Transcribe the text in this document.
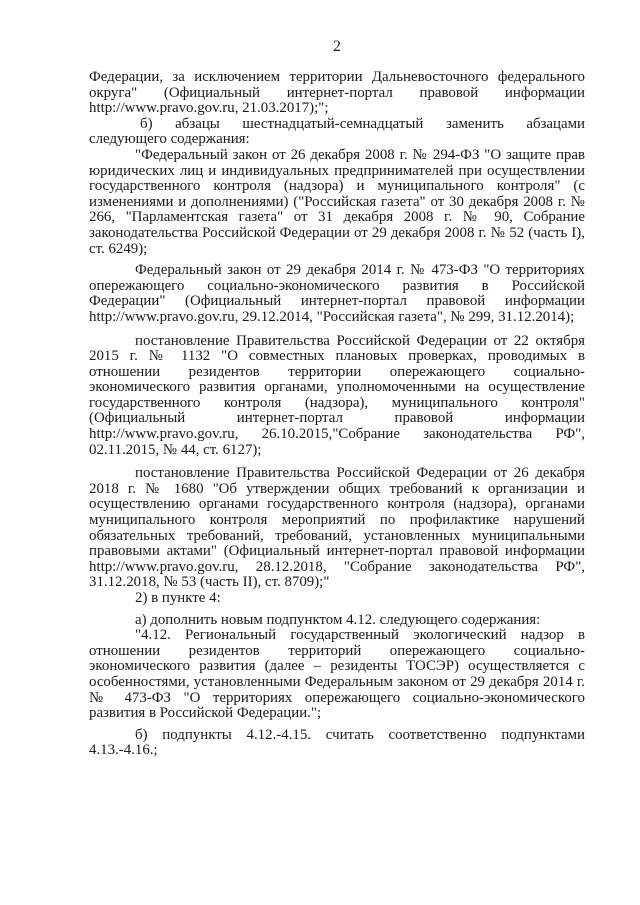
2

Федерации, за исключением территории Дальневосточного федерального округа" (Официальный интернет-портал правовой информации http://www.pravo.gov.ru, 21.03.2017);";

б) абзацы шестнадцатый-семнадцатый заменить абзацами следующего содержания:

"Федеральный закон от 26 декабря 2008 г. № 294-ФЗ "О защите прав юридических лиц и индивидуальных предпринимателей при осуществлении государственного контроля (надзора) и муниципального контроля" (с изменениями и дополнениями) ("Российская газета" от 30 декабря 2008 г. № 266, "Парламентская газета" от 31 декабря 2008 г. № 90, Собрание законодательства Российской Федерации от 29 декабря 2008 г. № 52 (часть I), ст. 6249);

Федеральный закон от 29 декабря 2014 г. № 473-ФЗ "О территориях опережающего социально-экономического развития в Российской Федерации" (Официальный интернет-портал правовой информации http://www.pravo.gov.ru, 29.12.2014, "Российская газета", № 299, 31.12.2014);

постановление Правительства Российской Федерации от 22 октября 2015 г. № 1132 "О совместных плановых проверках, проводимых в отношении резидентов территории опережающего социально-экономического развития органами, уполномоченными на осуществление государственного контроля (надзора), муниципального контроля" (Официальный интернет-портал правовой информации http://www.pravo.gov.ru, 26.10.2015,"Собрание законодательства РФ", 02.11.2015, № 44, ст. 6127);

постановление Правительства Российской Федерации от 26 декабря 2018 г. № 1680 "Об утверждении общих требований к организации и осуществлению органами государственного контроля (надзора), органами муниципального контроля мероприятий по профилактике нарушений обязательных требований, требований, установленных муниципальными правовыми актами" (Официальный интернет-портал правовой информации http://www.pravo.gov.ru, 28.12.2018, "Собрание законодательства РФ", 31.12.2018, № 53 (часть II), ст. 8709);"

2) в пункте 4:

а) дополнить новым подпунктом 4.12. следующего содержания:

"4.12. Региональный государственный экологический надзор в отношении резидентов территорий опережающего социально-экономического развития (далее – резиденты ТОСЭР) осуществляется с особенностями, установленными Федеральным законом от 29 декабря 2014 г. № 473-ФЗ "О территориях опережающего социально-экономического развития в Российской Федерации.";

б) подпункты 4.12.-4.15. считать соответственно подпунктами 4.13.-4.16.;
